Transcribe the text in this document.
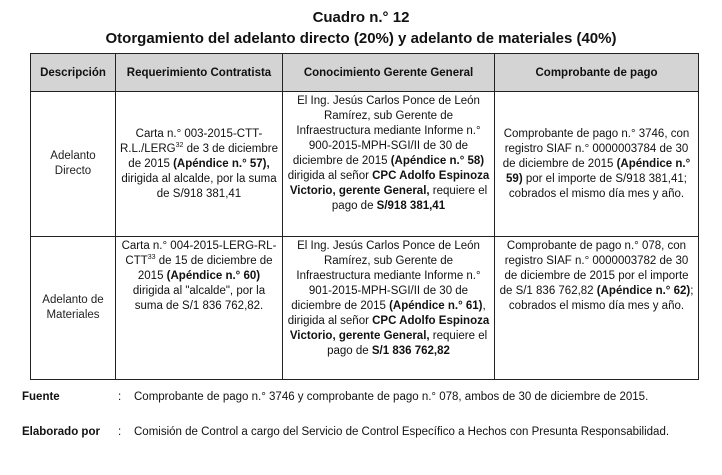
Cuadro n.° 12
Otorgamiento del adelanto directo (20%) y adelanto de materiales (40%)
Descripción	Requerimiento Contratista	Conocimiento Gerente General	Comprobante de pago
Adelanto Directo	Carta n.° 003-2015-CTT-R.L./LERG$^{32}$ de 3 de diciembre de 2015 (Apéndice n.° 57), dirigida al alcalde, por la suma de S/918 381,41	El Ing. Jesús Carlos Ponce de León Ramírez, sub Gerente de Infraestructura mediante Informe n.° 900-2015-MPH-SGI/II de 30 de diciembre de 2015 (Apéndice n.° 58) dirigida al señor CPC Adolfo Espinoza Victorio, gerente General, requiere el pago de S/918 381,41	Comprobante de pago n.° 3746, con registro SIAF n.° 0000003784 de 30 de diciembre de 2015 (Apéndice n.° 59) por el importe de S/918 381,41; cobrados el mismo día mes y año.
Adelanto de Materiales	Carta n.° 004-2015-LERG-RL-CTT$^{33}$ de 15 de diciembre de 2015 (Apéndice n.° 60) dirigida al "alcalde", por la suma de S/1 836 762,82.	El Ing. Jesús Carlos Ponce de León Ramírez, sub Gerente de Infraestructura mediante Informe n.° 901-2015-MPH-SGI/II de 30 de diciembre de 2015 (Apéndice n.° 61), dirigida al señor CPC Adolfo Espinoza Victorio, gerente General, requiere el pago de S/1 836 762,82	Comprobante de pago n.° 078, con registro SIAF n.° 0000003782 de 30 de diciembre de 2015 por el importe de S/1 836 762,82 (Apéndice n.° 62); cobrados el mismo día mes y año.
Fuente	: Comprobante de pago n.° 3746 y comprobante de pago n.° 078, ambos de 30 de diciembre de 2015.
Elaborado por : Comisión de Control a cargo del Servicio de Control Específico a Hechos con Presunta Responsabilidad.
